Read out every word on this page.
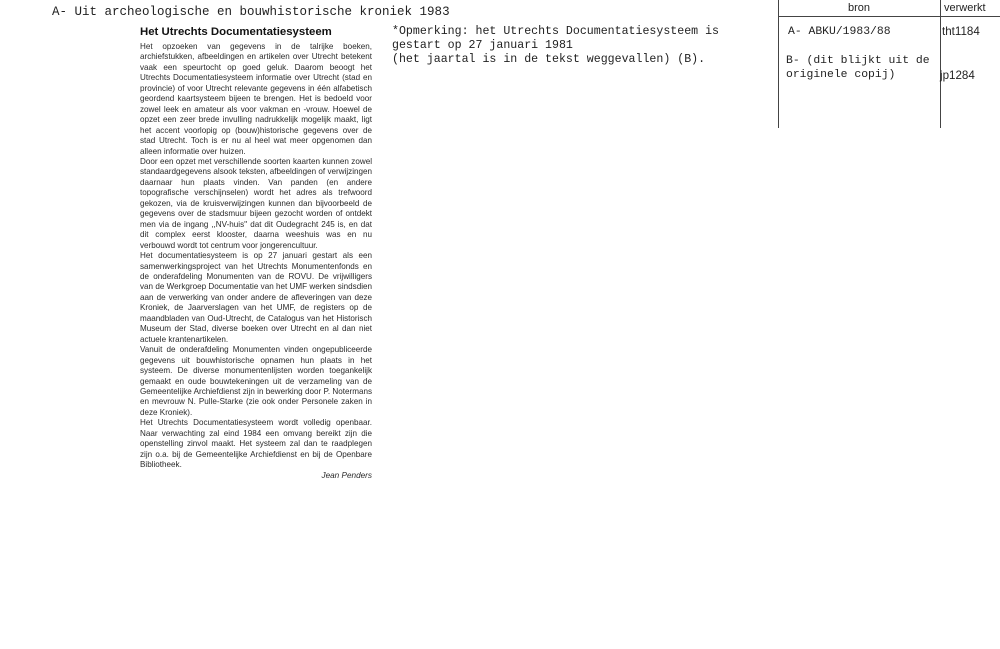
A- Uit archeologische en bouwhistorische kroniek 1983
Het Utrechts Documentatiesysteem

Het opzoeken van gegevens in de talrijke boeken, archiefstukken, afbeeldingen en artikelen over Utrecht betekent vaak een speurtocht op goed geluk. Daarom beoogt het Utrechts Documentatiesysteem informatie over Utrecht (stad en provincie) of voor Utrecht relevante gegevens in één alfabetisch geordend kaartsysteem bijeen te brengen. Het is bedoeld voor zowel leek en amateur als voor vakman en -vrouw. Hoewel de opzet een zeer brede invulling nadrukkelijk mogelijk maakt, ligt het accent voorlopig op (bouw)historische gegevens over de stad Utrecht. Toch is er nu al heel wat meer opgenomen dan alleen informatie over huizen.

Door een opzet met verschillende soorten kaarten kunnen zowel standaardgegevens alsook teksten, afbeeldingen of verwijzingen daarnaar hun plaats vinden. Van panden (en andere topografische verschijnselen) wordt het adres als trefwoord gekozen, via de kruisverwijzingen kunnen dan bijvoorbeeld de gegevens over de stadsmuur bijeen gezocht worden of ontdekt men via de ingang ,,NV-huis'' dat dit Oudegracht 245 is, en dat dit complex eerst klooster, daarna weeshuis was en nu verbouwd wordt tot centrum voor jongerencultuur.

Het documentatiesysteem is op 27 januari gestart als een samenwerkingsproject van het Utrechts Monumentenfonds en de onderafdeling Monumenten van de ROVU. De vrijwilligers van de Werkgroep Documentatie van het UMF werken sindsdien aan de verwerking van onder andere de afleveringen van deze Kroniek, de Jaarverslagen van het UMF, de registers op de maandbladen van Oud-Utrecht, de Catalogus van het Historisch Museum der Stad, diverse boeken over Utrecht en al dan niet actuele krantenartikelen.

Vanuit de onderafdeling Monumenten vinden ongepubliceerde gegevens uit bouwhistorische opnamen hun plaats in het systeem. De diverse monumentenlijsten worden toegankelijk gemaakt en oude bouwtekeningen uit de verzameling van de Gemeentelijke Archiefdienst zijn in bewerking door P. Notermans en mevrouw N. Pulle-Starke (zie ook onder Personele zaken in deze Kroniek).

Het Utrechts Documentatiesysteem wordt volledig openbaar. Naar verwachting zal eind 1984 een omvang bereikt zijn die openstelling zinvol maakt. Het systeem zal dan te raadplegen zijn o.a. bij de Gemeentelijke Archiefdienst en bij de Openbare Bibliotheek.

Jean Penders
*Opmerking: het Utrechts Documentatiesysteem is
gestart op 27 januari 1981
(het jaartal is in de tekst weggevallen) (B).
bron	verwerkt
A- ABKU/1983/88
B- (dit blijkt uit de
originele copij)
tht1184
jp1284
